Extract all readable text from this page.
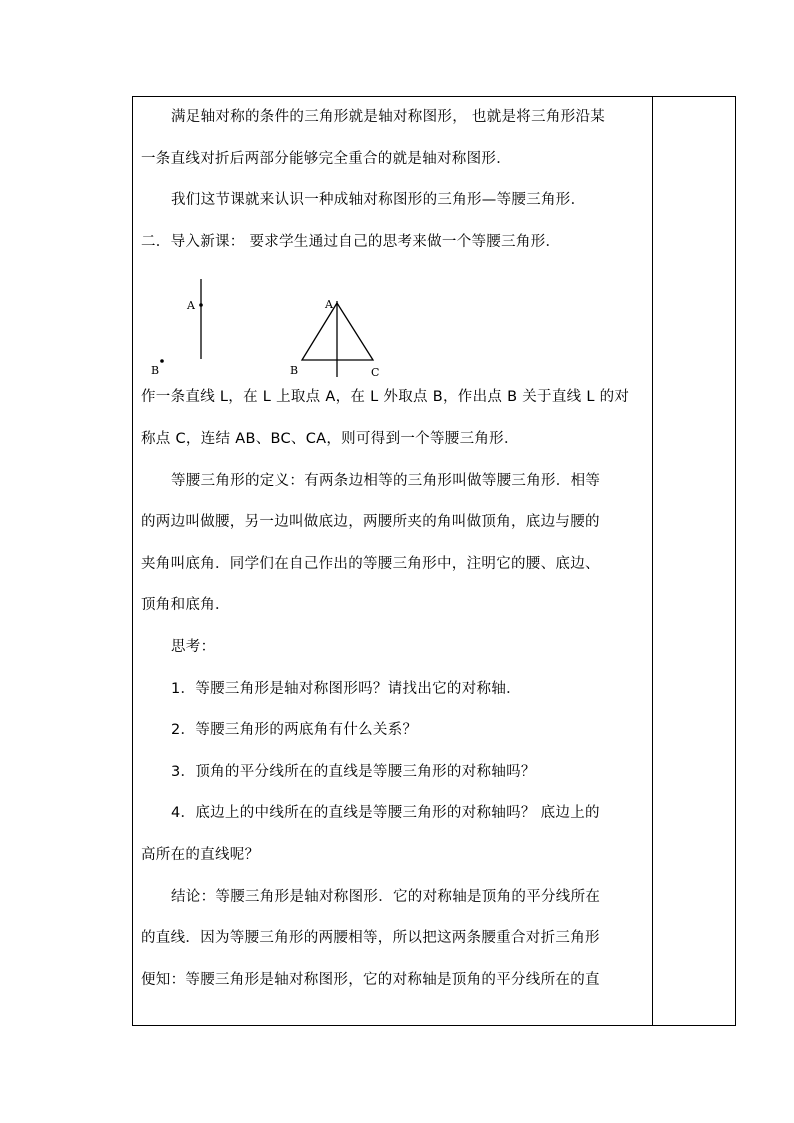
满足轴对称的条件的三角形就是轴对称图形， 也就是将三角形沿某

一条直线对折后两部分能够完全重合的就是轴对称图形．

我们这节课就来认识一种成轴对称图形的三角形—等腰三角形．

二．导入新课： 要求学生通过自己的思考来做一个等腰三角形．

A
B
A
B	C

作一条直线 L，在 L 上取点 A，在 L 外取点 B，作出点 B 关于直线 L 的对

称点 C，连结 AB、BC、CA，则可得到一个等腰三角形．

等腰三角形的定义：有两条边相等的三角形叫做等腰三角形．相等

的两边叫做腰，另一边叫做底边，两腰所夹的角叫做顶角，底边与腰的

夹角叫底角．同学们在自己作出的等腰三角形中，注明它的腰、底边、

顶角和底角．

思考：

1．等腰三角形是轴对称图形吗？请找出它的对称轴．

2．等腰三角形的两底角有什么关系？

3．顶角的平分线所在的直线是等腰三角形的对称轴吗？

4．底边上的中线所在的直线是等腰三角形的对称轴吗？ 底边上的

高所在的直线呢？

结论：等腰三角形是轴对称图形．它的对称轴是顶角的平分线所在

的直线．因为等腰三角形的两腰相等，所以把这两条腰重合对折三角形

便知：等腰三角形是轴对称图形，它的对称轴是顶角的平分线所在的直
